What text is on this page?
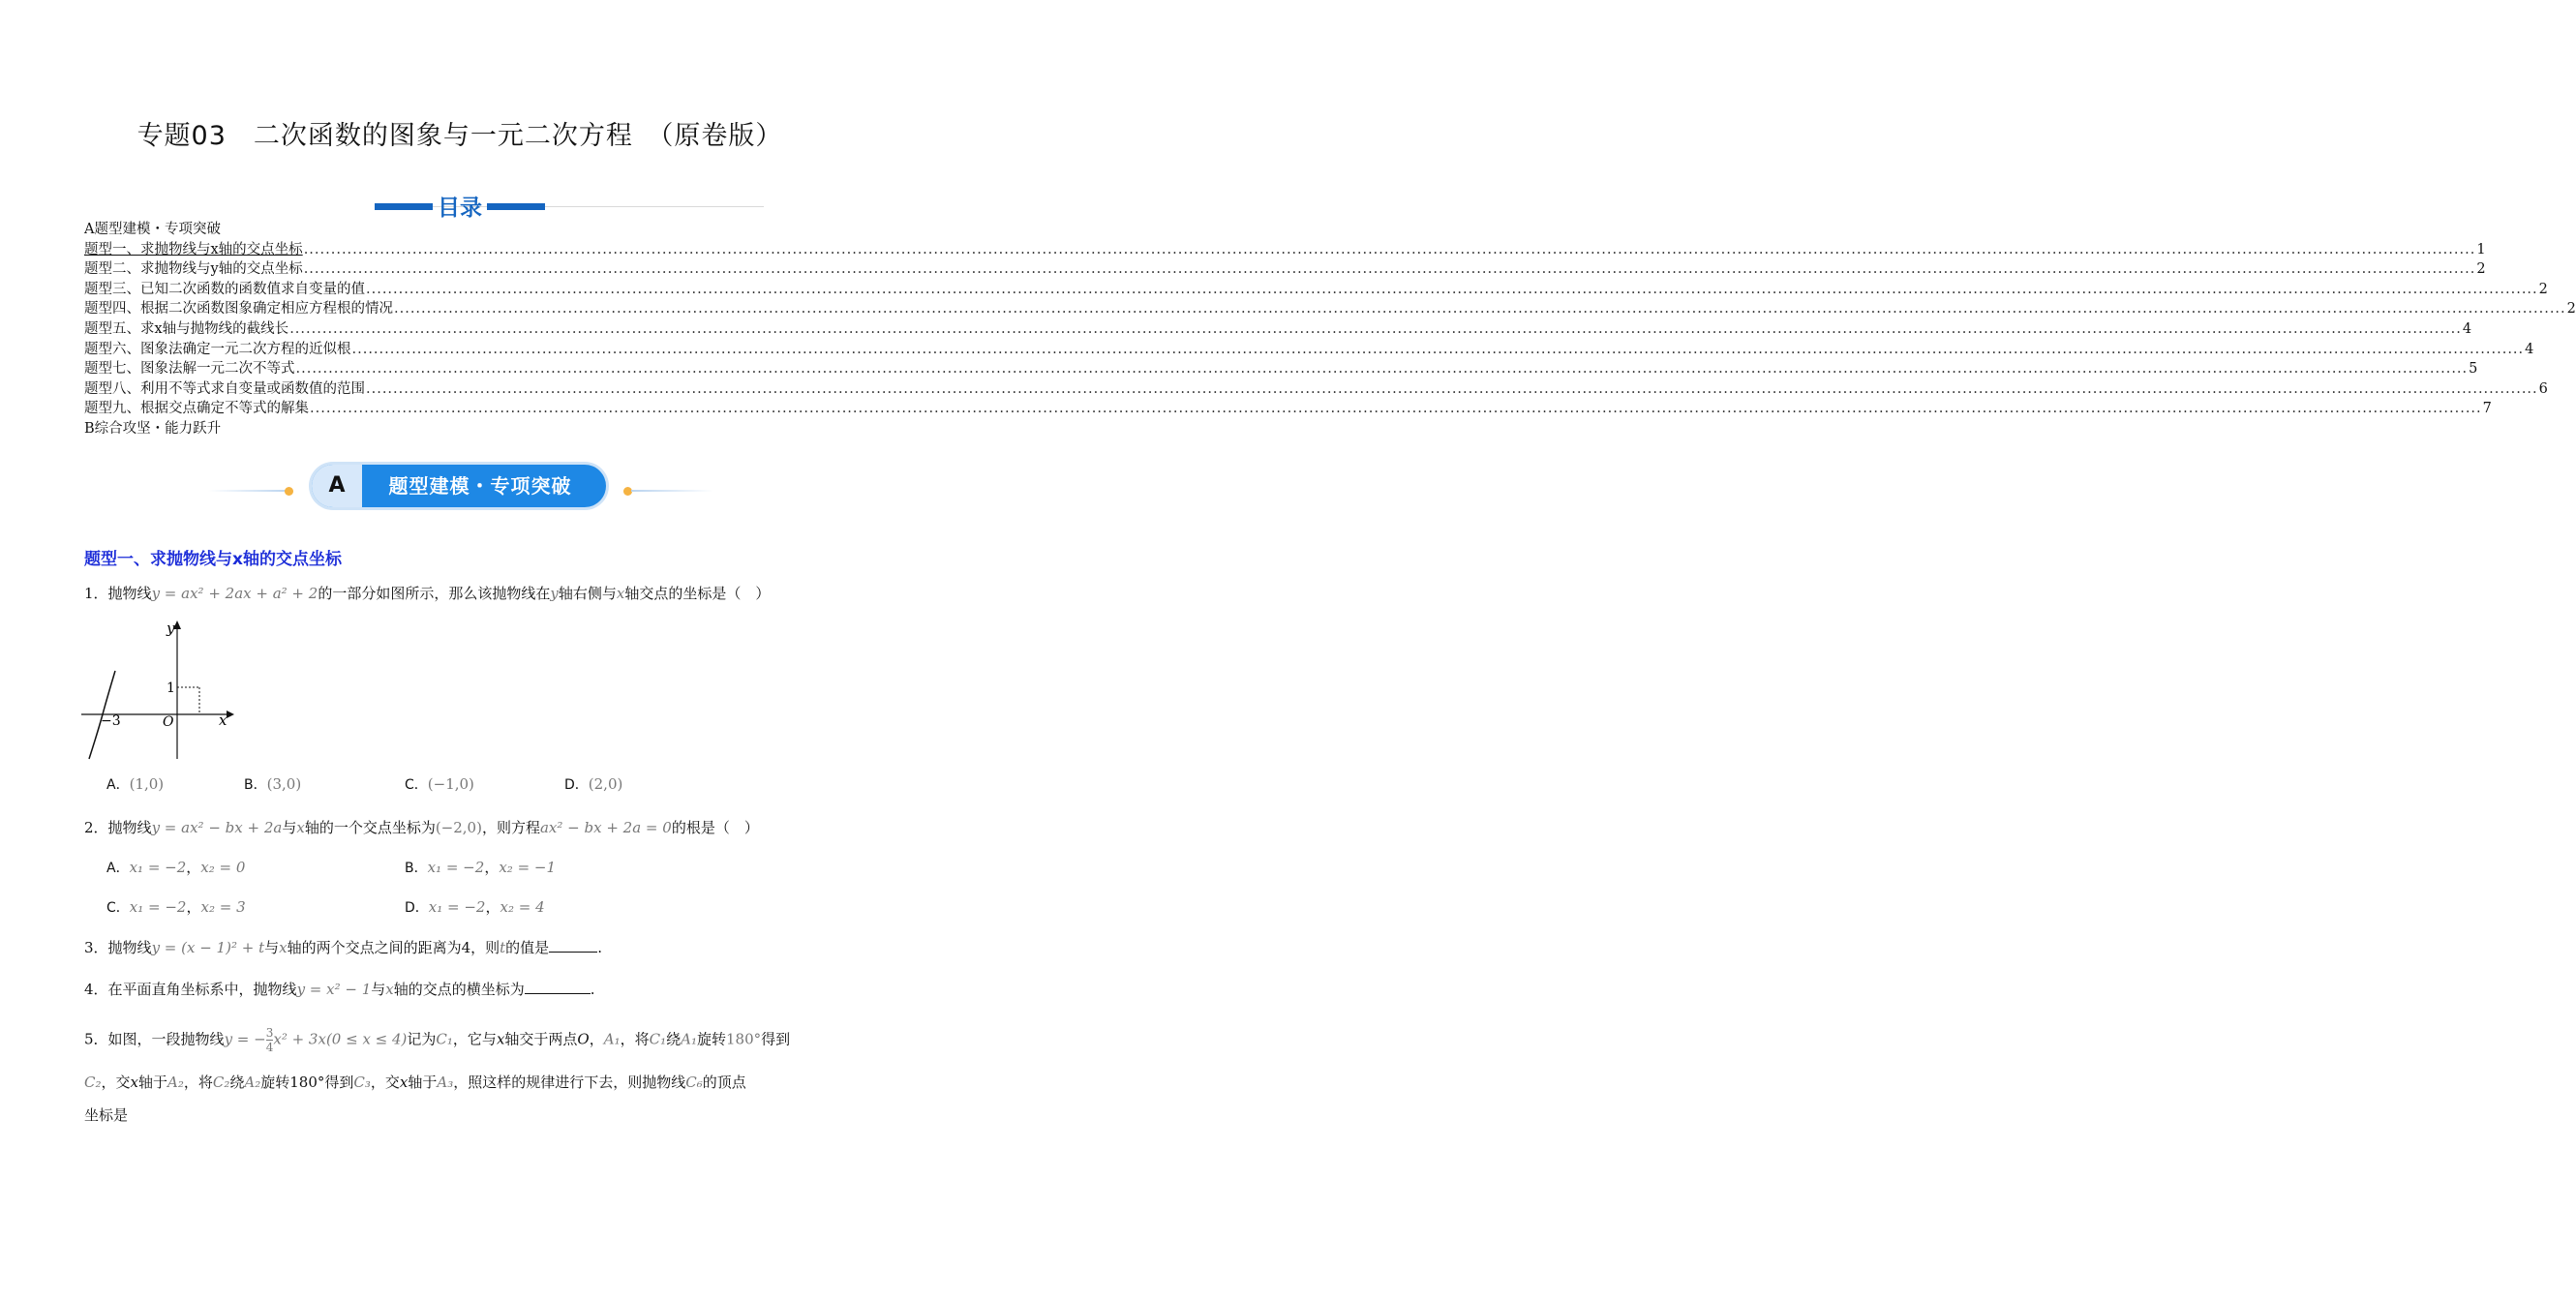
专题03　二次函数的图象与一元二次方程　（原卷版）
目录
A题型建模・专项突破
题型一、求抛物线与x轴的交点坐标 ................................................................................................................................................................................................................................................................................................................................................................................................................ 1
题型二、求抛物线与y轴的交点坐标 ................................................................................................................................................................................................................................................................................................................................................................................................................ 2
题型三、已知二次函数的函数值求自变量的值 ................................................................................................................................................................................................................................................................................................................................................................................................................ 2
题型四、根据二次函数图象确定相应方程根的情况 ................................................................................................................................................................................................................................................................................................................................................................................................................ 2
题型五、求x轴与抛物线的截线长 ................................................................................................................................................................................................................................................................................................................................................................................................................ 4
题型六、图象法确定一元二次方程的近似根 ................................................................................................................................................................................................................................................................................................................................................................................................................ 4
题型七、图象法解一元二次不等式 ................................................................................................................................................................................................................................................................................................................................................................................................................ 5
题型八、利用不等式求自变量或函数值的范围 ................................................................................................................................................................................................................................................................................................................................................................................................................ 6
题型九、根据交点确定不等式的解集 ................................................................................................................................................................................................................................................................................................................................................................................................................ 7
B综合攻坚・能力跃升
A	题型建模・专项突破
题型一、求抛物线与x轴的交点坐标
1．抛物线y = ax² + 2ax + a² + 2的一部分如图所示，那么该抛物线在y轴右侧与x轴交点的坐标是（　）
y
x
1
−3	O
A．(1,0)	B．(3,0)	C．(−1,0)	D．(2,0)
2．抛物线y = ax² − bx + 2a与x轴的一个交点坐标为(−2,0)，则方程ax² − bx + 2a = 0的根是（　）
A．x₁ = −2，x₂ = 0	B．x₁ = −2，x₂ = −1
C．x₁ = −2，x₂ = 3	D．x₁ = −2，x₂ = 4
3．抛物线y = (x − 1)² + t与x轴的两个交点之间的距离为4，则t的值是	.
4．在平面直角坐标系中，抛物线y = x² − 1与x轴的交点的横坐标为	.
5．如图，一段抛物线y = − $\frac{3}{4} x^2 + 3x(0 \le x \le 4)$记为C₁，它与x轴交于两点O，A₁，将C₁绕A₁旋转180°得到
C₂，交x轴于A₂，将C₂绕A₂旋转180°得到C₃，交x轴于A₃，照这样的规律进行下去，则抛物线C₆的顶点
坐标是
